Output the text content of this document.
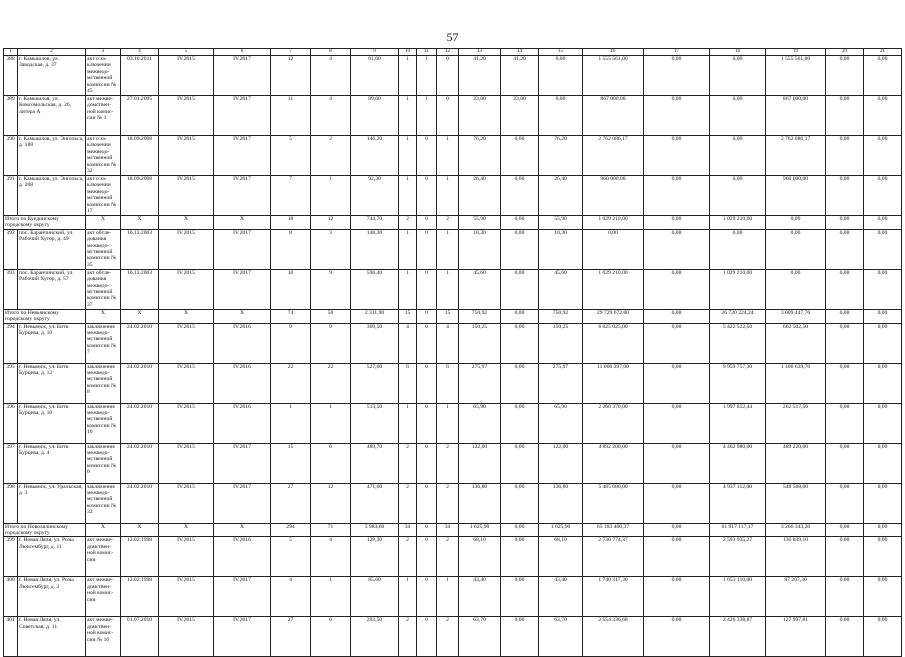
57
1	2	3	4	5	6	7	8	9	10	11	12	13	14	15	16	17	18	19	20	21
388	г. Камышлов, ул. Заводская, д. 37	акт о за-ключении межведо-мственной комиссии № 45	03.10.2011	IV.2015	IV.2017	12	4	81,60	1	1	0	41,20	41,20	0,00	1 555 561,00	0,00	0,00	1 555 561,00	0,00	0,00
389	г. Камышлов, ул. Комсомольская, д. 26, литера А	акт межве-домствен-ной комис-сии № 1	27.01.2005	IV.2015	IV.2017	11	4	89,60	1	1	0	23,80	23,80	0,00	867 000,00	0,00	0,00	867 000,00	0,00	0,00
390	г. Камышлов, ул. Энгельса, д. 188	акт о за-ключении межведо-мственной комиссии № 32	18.09.2008	IV.2015	IV.2017	5	2	146,20	1	0	1	76,20	0,00	76,20	2 762 086,17	0,00	0,00	2 762 086,17	0,00	0,00
391	г. Камышлов, ул. Энгельса, д. 208	акт о за-ключении межведо-мственной комиссии № 17	18.09.2008	IV.2015	IV.2017	7	1	92,30	1	0	1	26,40	0,00	26,40	960 000,00	0,00	0,00	960 000,00	0,00	0,00
Итого по Куединскому городскому округу		X	X	X	X	18	12	744,70	2	0	2	55,90	0,00	55,90	1 029 210,00	0,00	1 029 210,00	0,00	0,00	0,00
392	пос. Баранчинский, ул. Рабочий Хутор, д. 49	акт обсле-дования межведо-мственной комиссии № 35	10.12.2003	IV.2015	IV.2017	8	3	148,30	1	0	1	10,30	0,00	10,30	0,00	0,00	0,00	0,00	0,00	0,00
393	пос. Баранчинский, ул. Рабочий Хутор, д. 57	акт обсле-дования межведо-мственной комиссии № 37	10.12.2003	IV.2015	IV.2017	10	9	596,40	1	0	1	45,60	0,00	45,60	1 029 210,00	0,00	1 029 210,00	0,00	0,00	0,00
Итого по Невьянскому городскому округу		X	X	X	X	74	50	2 311,90	15	0	15	750,92	0,00	750,92	29 729 672,00	0,00	26 720 224,24	3 009 447,76	0,00	0,00
394	г. Невьянск, ул. Бити Бурцева, д. 10	заключение межведо-мственной комиссии № 7	24.02.2010	IV.2015	IV.2016	9	9	309,50	4	0	4	150,25	0,00	150,25	6 025 025,00	0,00	5 422 522,50	602 502,50	0,00	0,00
395	г. Невьянск, ул. Бити Бурцева, д. 12	заключение межведо-мственной комиссии № 8	24.02.2010	IV.2015	IV.2016	22	22	527,60	6	0	6	275,97	0,00	275,97	11 066 397,00	0,00	9 959 757,30	1 106 639,70	0,00	0,00
396	г. Невьянск, ул. Бити Бурцева, д. 16	заключение межведо-мственной комиссии № 10	24.02.2010	IV.2015	IV.2016	1	1	513,50	1	0	1	65,90	0,00	65,90	2 260 370,00	0,00	1 997 852,44	262 517,56	0,00	0,00
397	г. Невьянск, ул. Бити Бурцева, д. 4	заключение межведо-мственной комиссии № 6	24.02.2010	IV.2015	IV.2017	15	6	489,70	2	0	2	122,00	0,00	122,00	4 892 200,00	0,00	4 402 980,00	489 220,00	0,00	0,00
398	г. Невьянск, ул. Уральская, д. 3	заключение межведо-мственной комиссии № 32	24.02.2010	IV.2015	IV.2017	27	12	471,60	2	0	2	136,80	0,00	136,80	5 485 680,00	0,00	4 937 112,00	548 568,00	0,00	0,00
Итого по Новолялинскому городскому округу		X	X	X	X	294	71	5 983,60	34	0	34	1 625,90	0,00	1 625,90	65 183 460,37	0,00	61 917 117,17	3 266 343,20	0,00	0,00
399	г. Новая Ляля, ул. Розы Люксембург, д. 11	акт межве-домствен-ной комис-сии	12.02.1998	IV.2015	IV.2016	5	4	128,30	2	0	2	68,10	0,00	68,10	2 730 774,37	0,00	2 593 935,27	136 839,10	0,00	0,00
400	г. Новая Ляля, ул. Розы Люксембург, д. 2	акт межве-домствен-ной комис-сии	12.02.1998	IV.2015	IV.2017	4	1	85,60	1	0	1	43,40	0,00	43,40	1 740 317,30	0,00	1 653 110,00	87 207,30	0,00	0,00
401	г. Новая Ляля, ул. Советская, д. 11	акт межве-домствен-ной комис-сии № 16	01.07.2010	IV.2015	IV.2017	27	6	293,50	2	0	2	63,70	0,00	63,70	2 554 336,68	0,00	2 426 338,87	127 997,81	0,00	0,00
